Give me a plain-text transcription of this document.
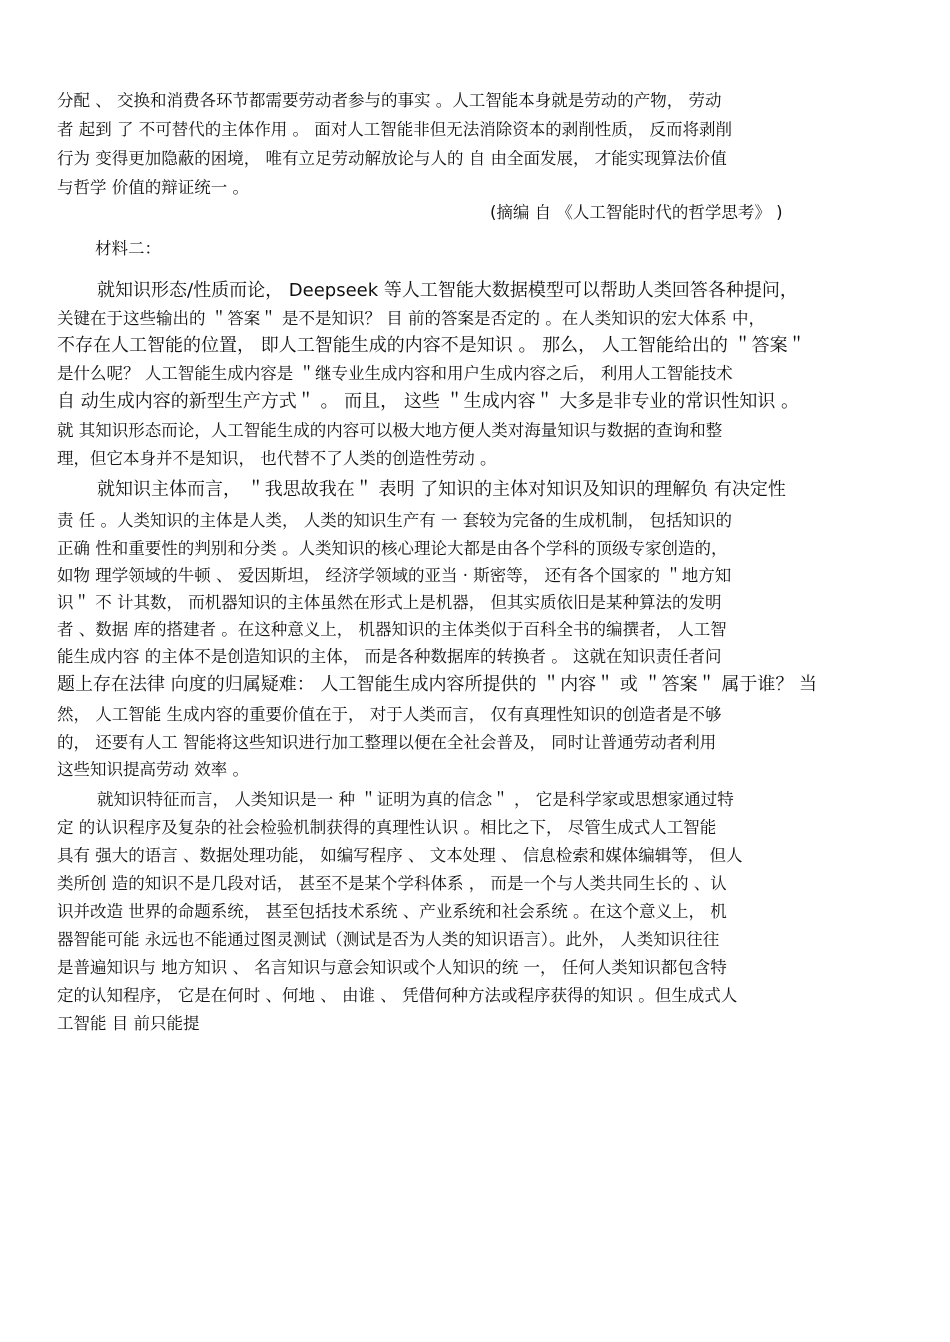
分配 、 交换和消费各环节都需要劳动者参与的事实 。人工智能本身就是劳动的产物， 劳动
者 起到 了 不可替代的主体作用 。 面对人工智能非但无法消除资本的剥削性质， 反而将剥削
行为 变得更加隐蔽的困境， 唯有立足劳动解放论与人的 自 由全面发展， 才能实现算法价值
与哲学 价值的辩证统一 。
(摘编 自 《人工智能时代的哲学思考》 )
材料二：
就知识形态/性质而论， Deepseek 等人工智能大数据模型可以帮助人类回答各种提问，
关键在于这些输出的 ＂答案＂ 是不是知识？ 目 前的答案是否定的 。在人类知识的宏大体系 中，
不存在人工智能的位置， 即人工智能生成的内容不是知识 。 那么， 人工智能给出的 ＂答案＂
是什么呢？ 人工智能生成内容是 ＂继专业生成内容和用户生成内容之后， 利用人工智能技术
自 动生成内容的新型生产方式＂ 。 而且， 这些 ＂生成内容＂ 大多是非专业的常识性知识 。
就 其知识形态而论，人工智能生成的内容可以极大地方便人类对海量知识与数据的查询和整
理，但它本身并不是知识， 也代替不了人类的创造性劳动 。
就知识主体而言， ＂我思故我在＂ 表明 了知识的主体对知识及知识的理解负 有决定性
责 任 。人类知识的主体是人类， 人类的知识生产有 一 套较为完备的生成机制， 包括知识的
正确 性和重要性的判别和分类 。人类知识的核心理论大都是由各个学科的顶级专家创造的，
如物 理学领域的牛顿 、 爱因斯坦， 经济学领域的亚当 · 斯密等， 还有各个国家的 ＂地方知
识＂ 不 计其数， 而机器知识的主体虽然在形式上是机器， 但其实质依旧是某种算法的发明
者 、数据 库的搭建者 。在这种意义上， 机器知识的主体类似于百科全书的编撰者， 人工智
能生成内容 的主体不是创造知识的主体， 而是各种数据库的转换者 。 这就在知识责任者问
题上存在法律 向度的归属疑难： 人工智能生成内容所提供的 ＂内容＂ 或 ＂答案＂ 属于谁？ 当
然， 人工智能 生成内容的重要价值在于， 对于人类而言， 仅有真理性知识的创造者是不够
的， 还要有人工 智能将这些知识进行加工整理以便在全社会普及， 同时让普通劳动者利用
这些知识提高劳动 效率 。
就知识特征而言， 人类知识是一 种 ＂证明为真的信念＂ ， 它是科学家或思想家通过特
定 的认识程序及复杂的社会检验机制获得的真理性认识 。相比之下， 尽管生成式人工智能
具有 强大的语言 、数据处理功能， 如编写程序 、 文本处理 、 信息检索和媒体编辑等， 但人
类所创 造的知识不是几段对话， 甚至不是某个学科体系 ， 而是一个与人类共同生长的 、认
识并改造 世界的命题系统， 甚至包括技术系统 、产业系统和社会系统 。在这个意义上， 机
器智能可能 永远也不能通过图灵测试（测试是否为人类的知识语言）。此外， 人类知识往往
是普遍知识与 地方知识 、 名言知识与意会知识或个人知识的统 一， 任何人类知识都包含特
定的认知程序， 它是在何时 、何地 、 由谁 、 凭借何种方法或程序获得的知识 。但生成式人
工智能 目 前只能提
